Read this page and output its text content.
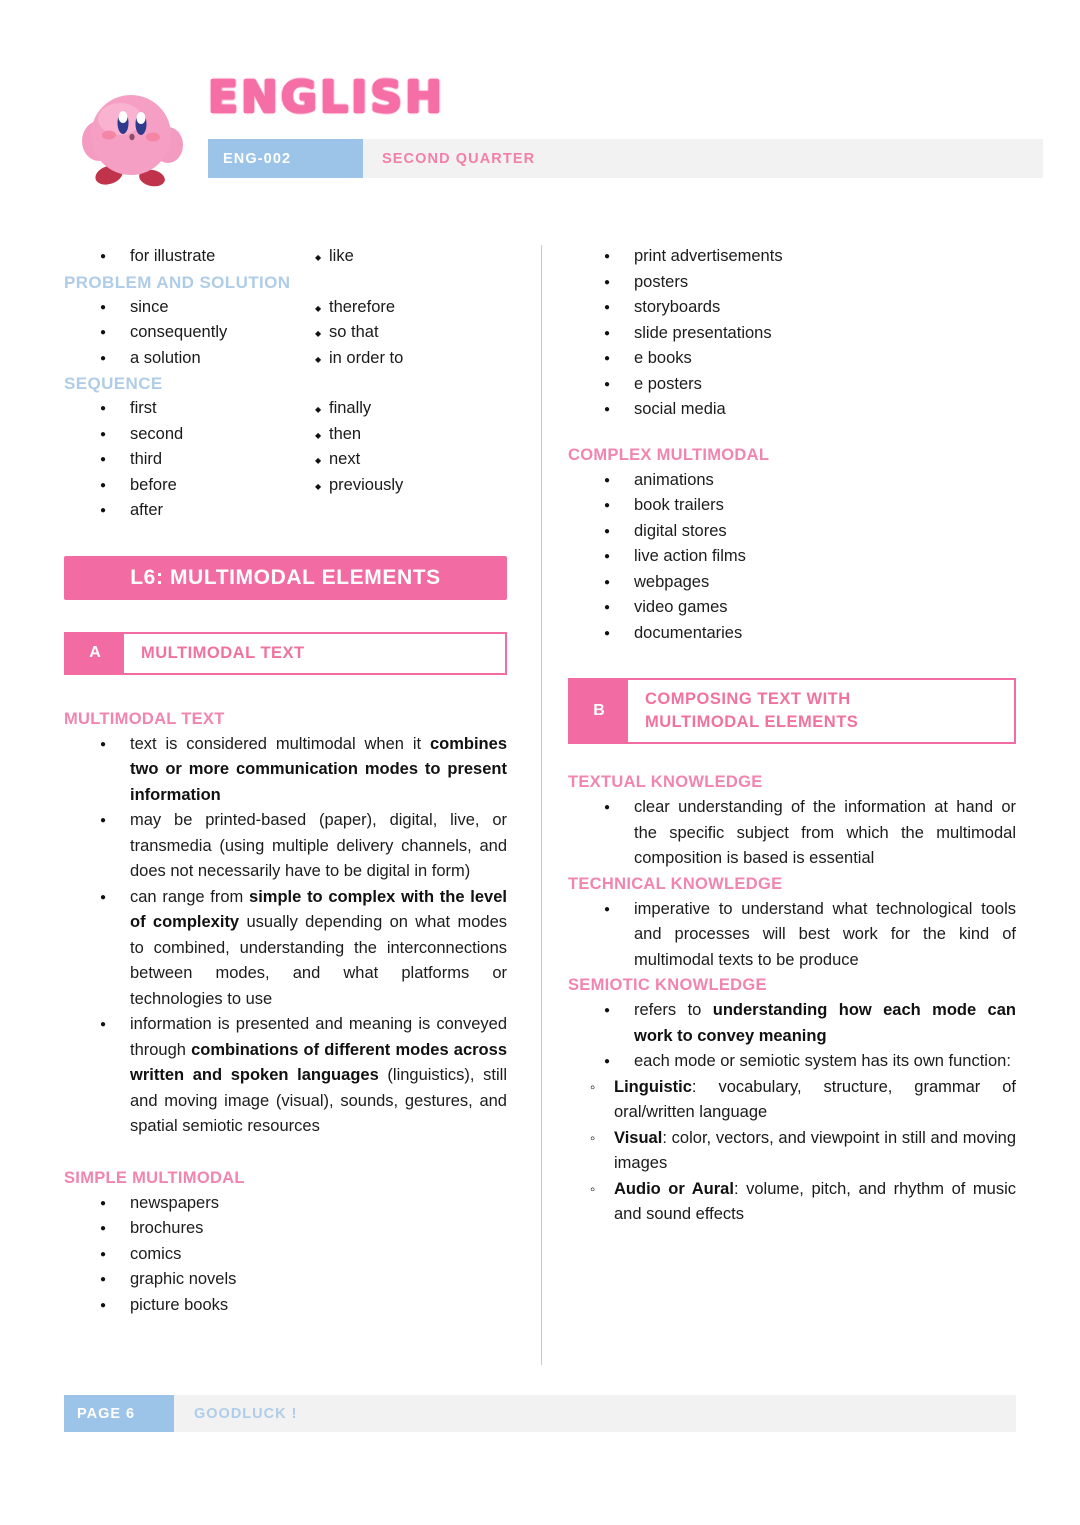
ENGLISH
ENG-002	SECOND QUARTER
● for illustrate	◆ like
PROBLEM AND SOLUTION
● since	◆ therefore
● consequently	◆ so that
● a solution	◆ in order to
SEQUENCE
● first	◆ finally
● second	◆ then
● third	◆ next
● before	◆ previously
● after
L6: MULTIMODAL ELEMENTS
A	MULTIMODAL TEXT
MULTIMODAL TEXT
● text is considered multimodal when it combines two or more communication modes to present information
● may be printed-based (paper), digital, live, or transmedia (using multiple delivery channels, and does not necessarily have to be digital in form)
● can range from simple to complex with the level of complexity usually depending on what modes to combined, understanding the interconnections between modes, and what platforms or technologies to use
● information is presented and meaning is conveyed through combinations of different modes across written and spoken languages (linguistics), still and moving image (visual), sounds, gestures, and spatial semiotic resources
SIMPLE MULTIMODAL
● newspapers
● brochures
● comics
● graphic novels
● picture books
● print advertisements
● posters
● storyboards
● slide presentations
● e books
● e posters
● social media
COMPLEX MULTIMODAL
● animations
● book trailers
● digital stores
● live action films
● webpages
● video games
● documentaries
B
COMPOSING TEXT WITH
MULTIMODAL ELEMENTS
TEXTUAL KNOWLEDGE
● clear understanding of the information at hand or the specific subject from which the multimodal composition is based is essential
TECHNICAL KNOWLEDGE
● imperative to understand what technological tools and processes will best work for the kind of multimodal texts to be produce
SEMIOTIC KNOWLEDGE
● refers to understanding how each mode can work to convey meaning
● each mode or semiotic system has its own function:
◦ Linguistic: vocabulary, structure, grammar of oral/written language
◦ Visual: color, vectors, and viewpoint in still and moving images
◦ Audio or Aural: volume, pitch, and rhythm of music and sound effects
PAGE 6	GOODLUCK !
